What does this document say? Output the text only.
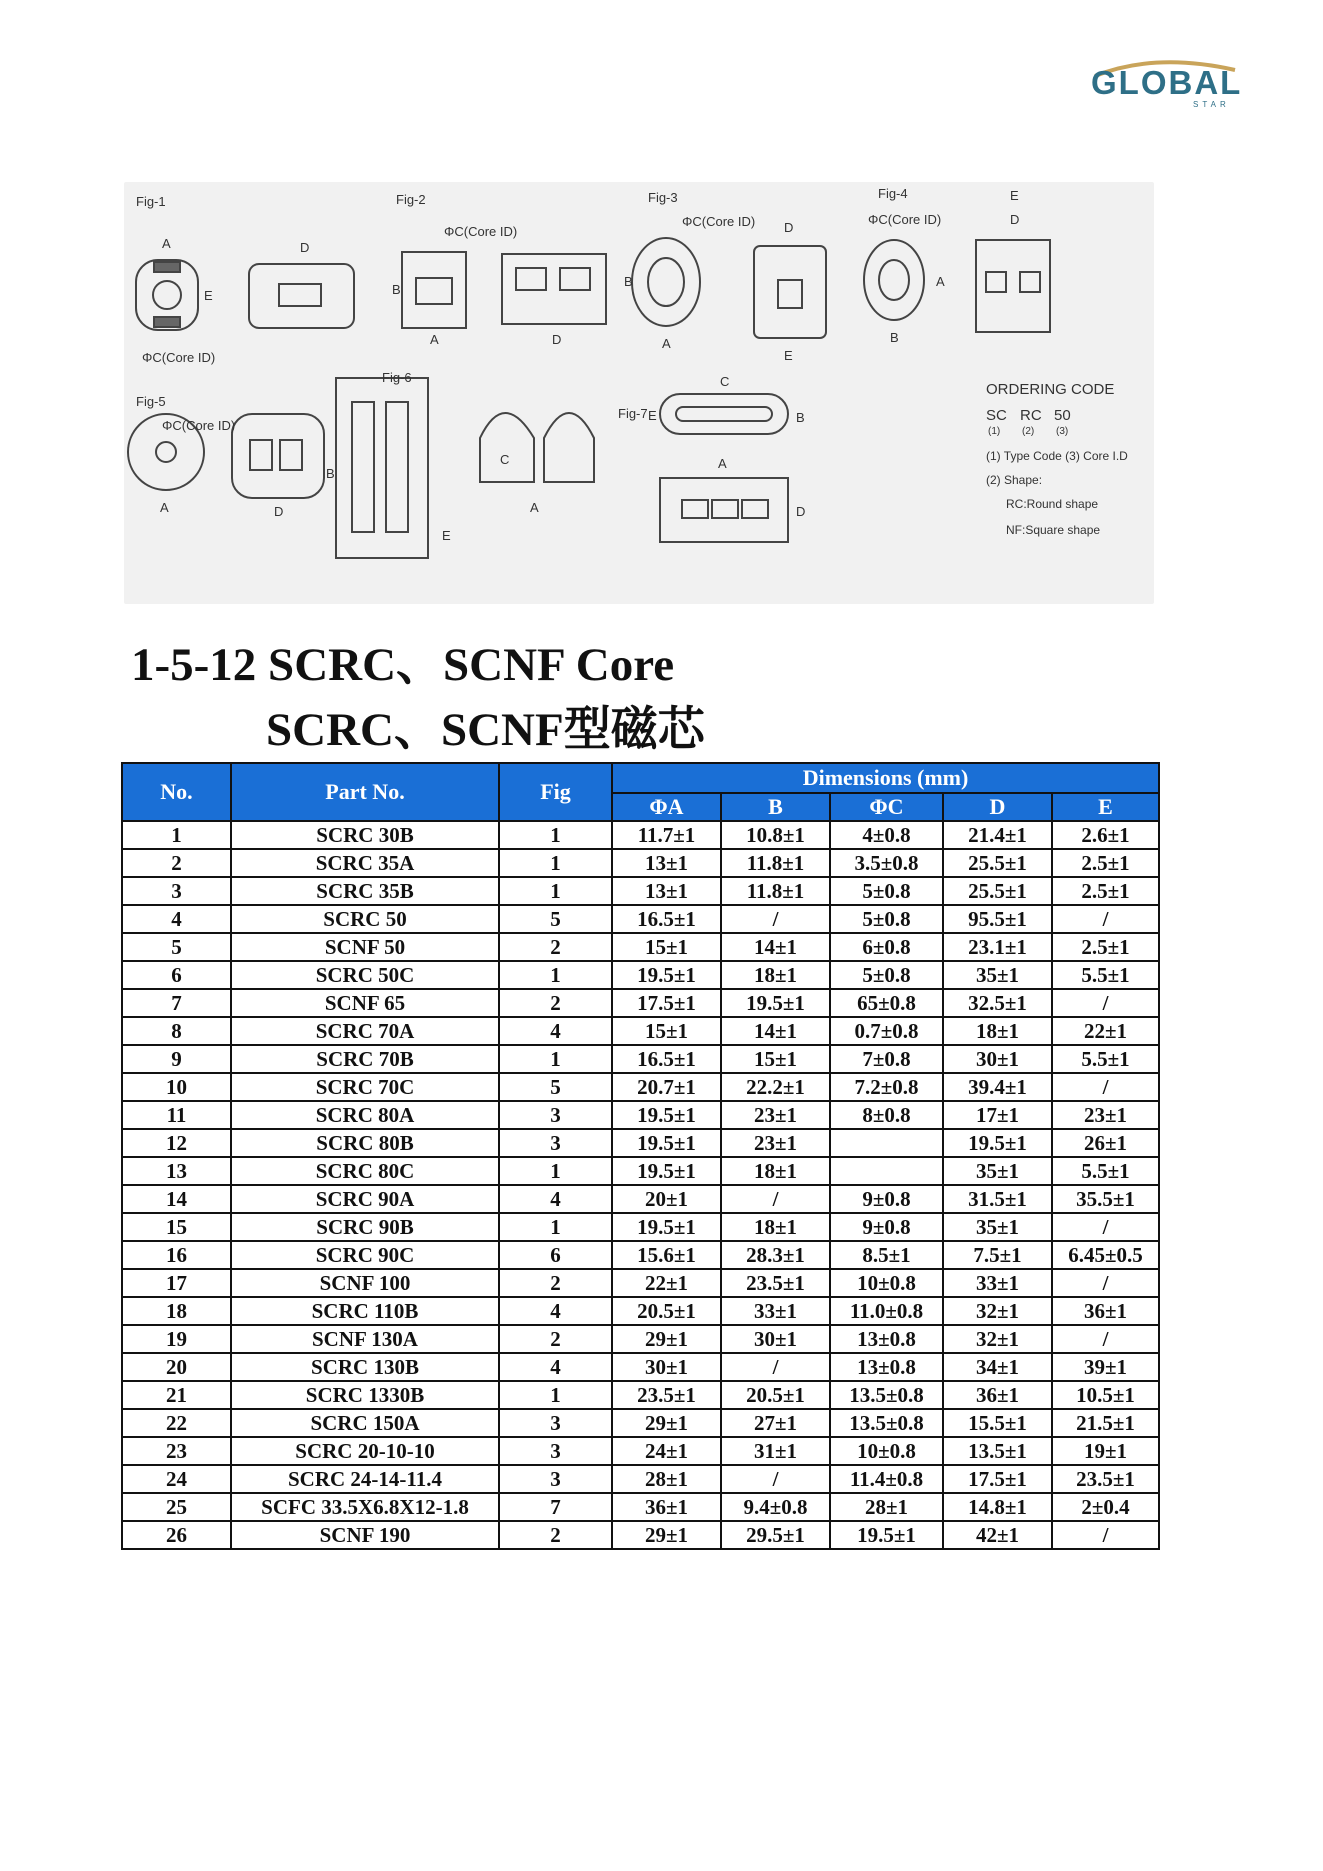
GLOBAL
STAR
Fig-1	Fig-2	Fig-3	Fig-4
Fig-5
Fig-6
Fig-7
ΦC(Core ID)
ΦC(Core ID)
ΦC(Core ID)	ΦC(Core ID)
ΦC(Core ID)
A	D
E	B
A	D
B
A
D
E
A
B
E
D
A	D
B
E
C
A
C
E	B
A
D
ORDERING CODE
SC RC 50
(1) (2) (3)
(1) Type Code (3) Core I.D
(2) Shape:
RC:Round shape
NF:Square shape
1-5-12 SCRC、SCNF Core
SCRC、SCNF型磁芯
No.	Part No.	Fig	Dimensions (mm)				
			ΦA	B	ΦC	D	E
1	SCRC 30B	1	11.7±1	10.8±1	4±0.8	21.4±1	2.6±1
2	SCRC 35A	1	13±1	11.8±1	3.5±0.8	25.5±1	2.5±1
3	SCRC 35B	1	13±1	11.8±1	5±0.8	25.5±1	2.5±1
4	SCRC 50	5	16.5±1	/	5±0.8	95.5±1	/
5	SCNF 50	2	15±1	14±1	6±0.8	23.1±1	2.5±1
6	SCRC 50C	1	19.5±1	18±1	5±0.8	35±1	5.5±1
7	SCNF 65	2	17.5±1	19.5±1	65±0.8	32.5±1	/
8	SCRC 70A	4	15±1	14±1	0.7±0.8	18±1	22±1
9	SCRC 70B	1	16.5±1	15±1	7±0.8	30±1	5.5±1
10	SCRC 70C	5	20.7±1	22.2±1	7.2±0.8	39.4±1	/
11	SCRC 80A	3	19.5±1	23±1	8±0.8	17±1	23±1
12	SCRC 80B	3	19.5±1	23±1		19.5±1	26±1
13	SCRC 80C	1	19.5±1	18±1		35±1	5.5±1
14	SCRC 90A	4	20±1	/	9±0.8	31.5±1	35.5±1
15	SCRC 90B	1	19.5±1	18±1	9±0.8	35±1	/
16	SCRC 90C	6	15.6±1	28.3±1	8.5±1	7.5±1	6.45±0.5
17	SCNF 100	2	22±1	23.5±1	10±0.8	33±1	/
18	SCRC 110B	4	20.5±1	33±1	11.0±0.8	32±1	36±1
19	SCNF 130A	2	29±1	30±1	13±0.8	32±1	/
20	SCRC 130B	4	30±1	/	13±0.8	34±1	39±1
21	SCRC 1330B	1	23.5±1	20.5±1	13.5±0.8	36±1	10.5±1
22	SCRC 150A	3	29±1	27±1	13.5±0.8	15.5±1	21.5±1
23	SCRC 20-10-10	3	24±1	31±1	10±0.8	13.5±1	19±1
24	SCRC 24-14-11.4	3	28±1	/	11.4±0.8	17.5±1	23.5±1
25	SCFC 33.5X6.8X12-1.8	7	36±1	9.4±0.8	28±1	14.8±1	2±0.4
26	SCNF 190	2	29±1	29.5±1	19.5±1	42±1	/
